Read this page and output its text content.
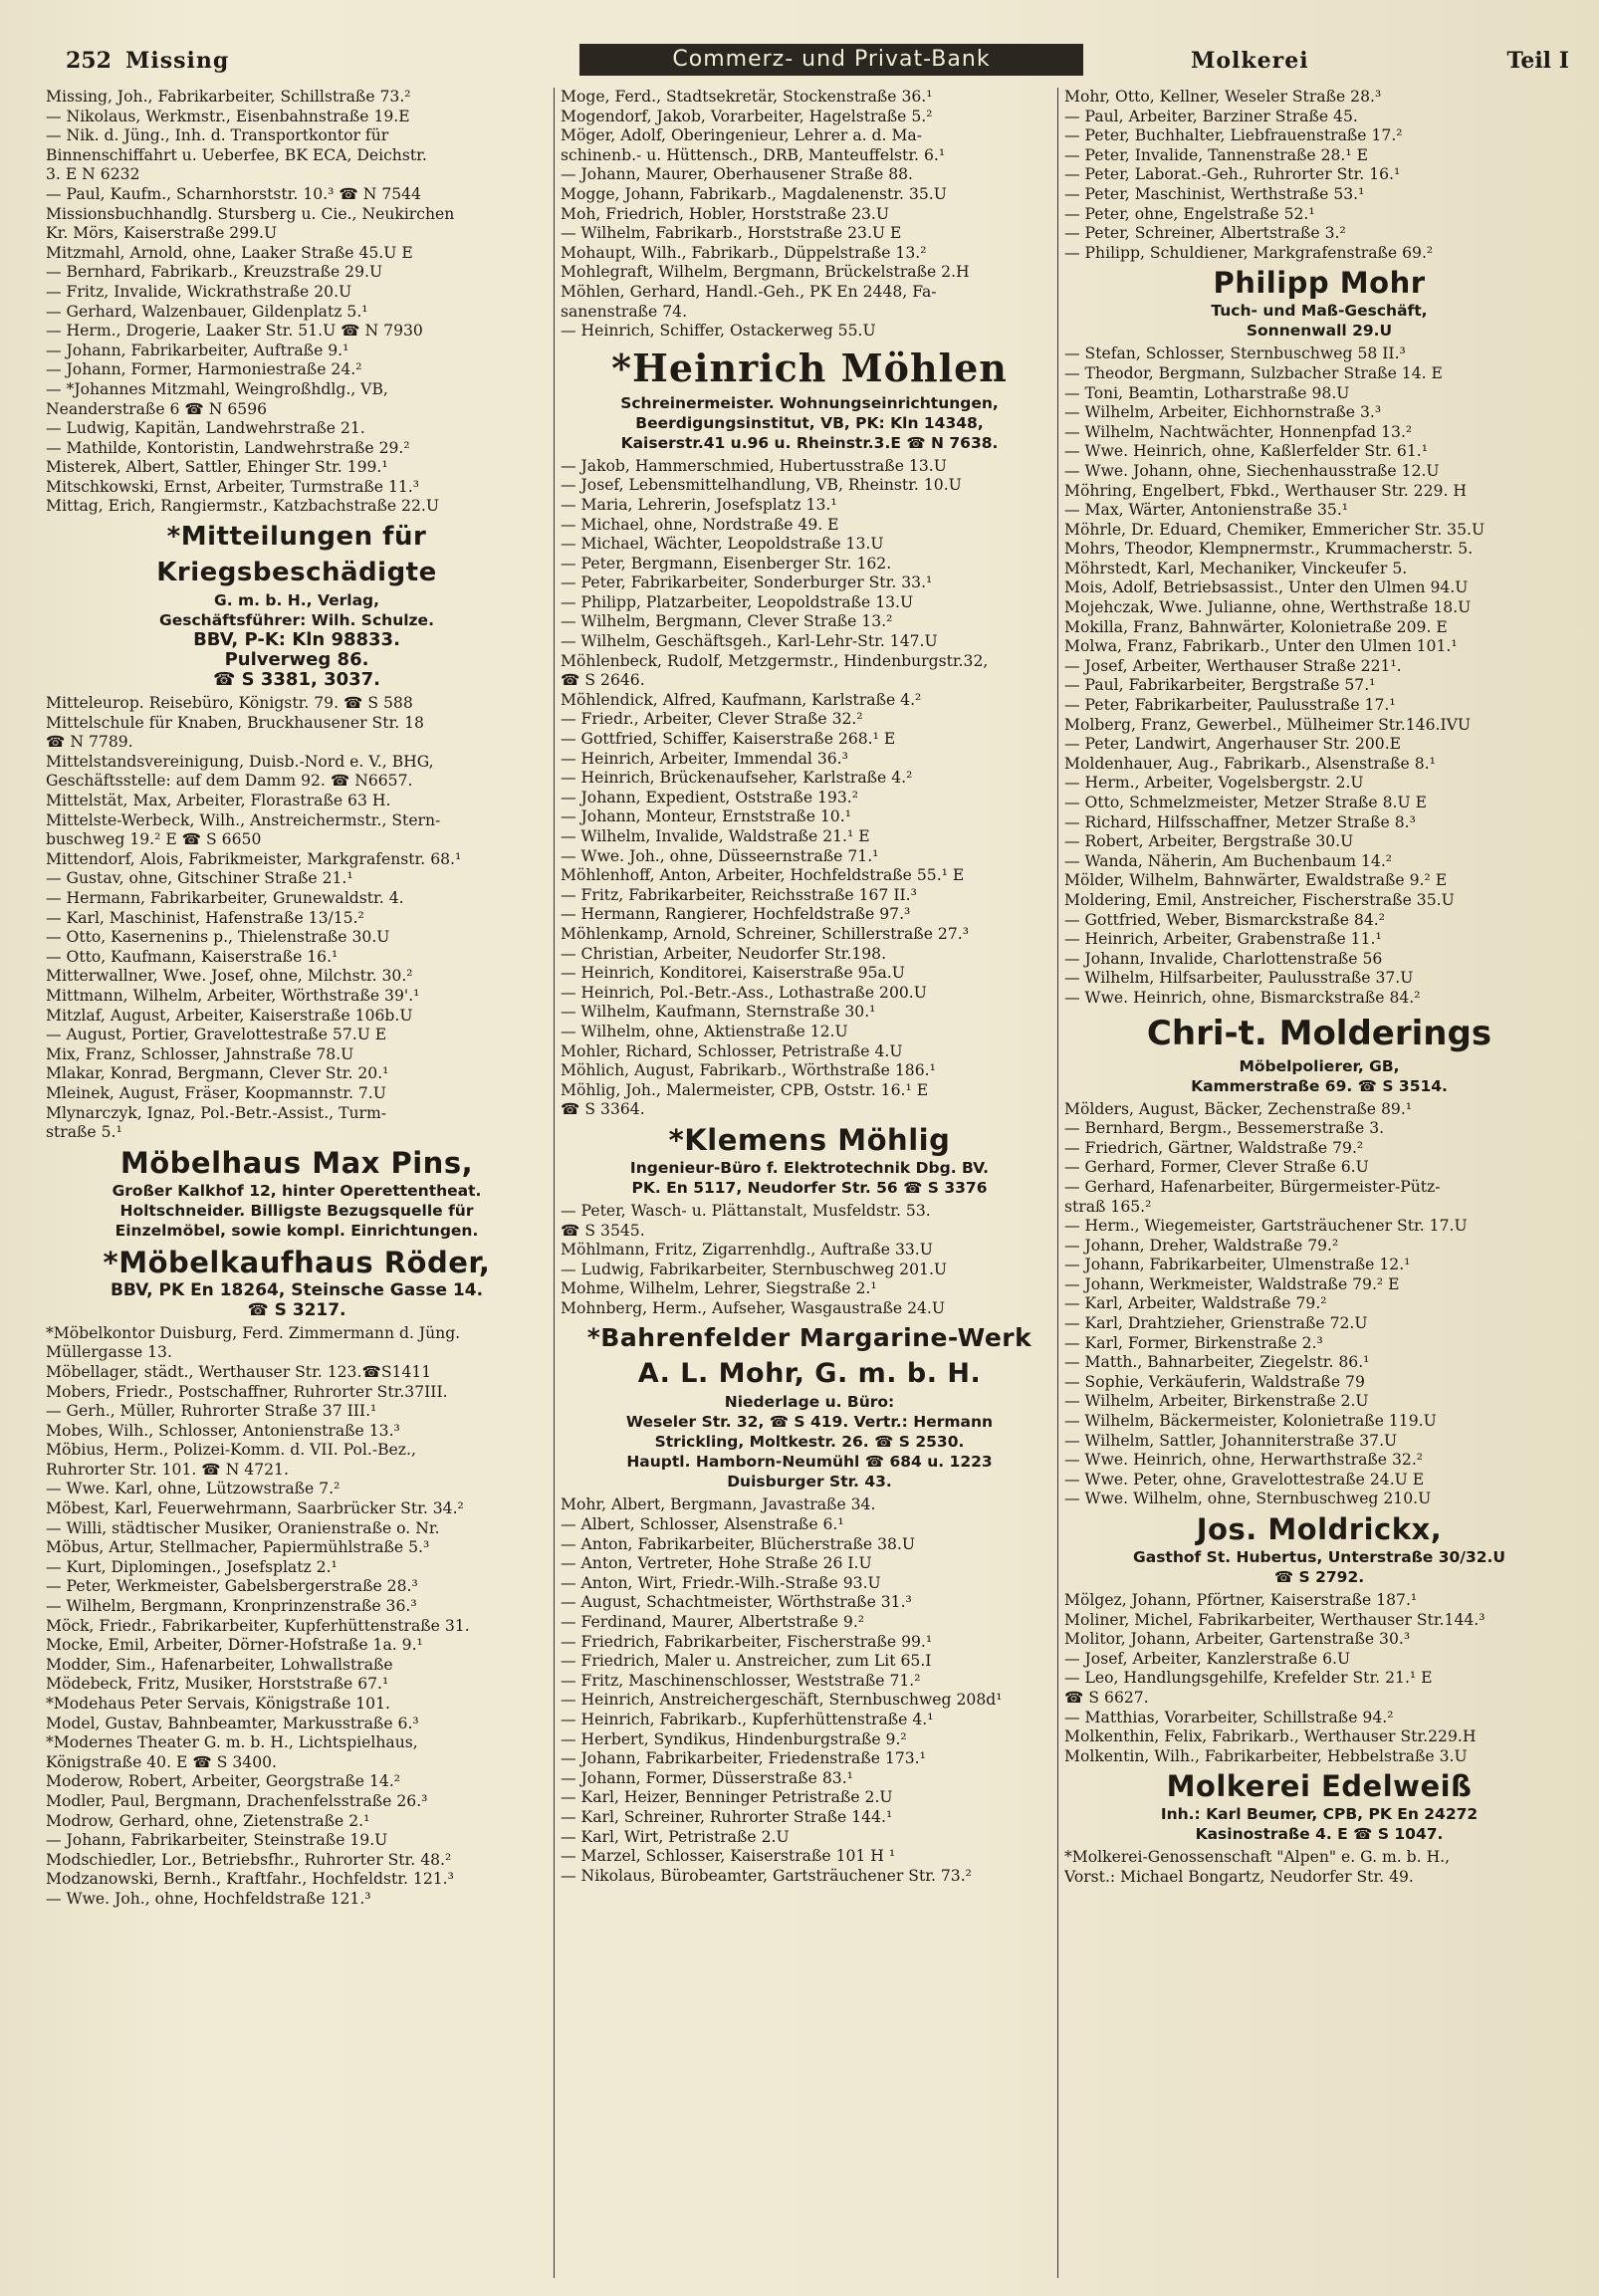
252 Missing	Commerz- und Privat-Bank	Molkerei	Teil I
Missing, Joh., Fabrikarbeiter, Schillstraße 73.²
— Nikolaus, Werkmstr., Eisenbahnstraße 19.E
— Nik. d. Jüng., Inh. d. Transportkontor für
Binnenschiffahrt u. Ueberfee, BK ECA, Deichstr.
3. E N 6232
— Paul, Kaufm., Scharnhorststr. 10.³ ☎ N 7544
Missionsbuchhandlg. Stursberg u. Cie., Neukirchen
Kr. Mörs, Kaiserstraße 299.U
Mitzmahl, Arnold, ohne, Laaker Straße 45.U E
— Bernhard, Fabrikarb., Kreuzstraße 29.U
— Fritz, Invalide, Wickrathstraße 20.U
— Gerhard, Walzenbauer, Gildenplatz 5.¹
— Herm., Drogerie, Laaker Str. 51.U ☎ N 7930
— Johann, Fabrikarbeiter, Auftraße 9.¹
— Johann, Former, Harmoniestraße 24.²
— *Johannes Mitzmahl, Weingroßhdlg., VB,
Neanderstraße 6 ☎ N 6596
— Ludwig, Kapitän, Landwehrstraße 21.
— Mathilde, Kontoristin, Landwehrstraße 29.²
Misterek, Albert, Sattler, Ehinger Str. 199.¹
Mitschkowski, Ernst, Arbeiter, Turmstraße 11.³
Mittag, Erich, Rangiermstr., Katzbachstraße 22.U
*Mitteilungen für Kriegsbeschädigte
G. m. b. H., Verlag,
Geschäftsführer: Wilh. Schulze.
BBV, P-K: Kln 98833.
Pulverweg 86.
☎ S 3381, 3037.
Mitteleurop. Reisebüro, Königstr. 79. ☎ S 588
Mittelschule für Knaben, Bruckhausener Str. 18
☎ N 7789.
Mittelstandsvereinigung, Duisb.-Nord e. V., BHG,
Geschäftsstelle: auf dem Damm 92. ☎ N6657.
Mittelstät, Max, Arbeiter, Florastraße 63 H.
Mittelste-Werbeck, Wilh., Anstreichermstr., Stern-
buschweg 19.² E ☎ S 6650
Mittendorf, Alois, Fabrikmeister, Markgrafenstr. 68.¹
— Gustav, ohne, Gitschiner Straße 21.¹
— Hermann, Fabrikarbeiter, Grunewaldstr. 4.
— Karl, Maschinist, Hafenstraße 13/15.²
— Otto, Kasernenins p., Thielenstraße 30.U
— Otto, Kaufmann, Kaiserstraße 16.¹
Mitterwallner, Wwe. Josef, ohne, Milchstr. 30.²
Mittmann, Wilhelm, Arbeiter, Wörthstraße 39'.¹
Mitzlaf, August, Arbeiter, Kaiserstraße 106b.U
— August, Portier, Gravelottestraße 57.U E
Mix, Franz, Schlosser, Jahnstraße 78.U
Mlakar, Konrad, Bergmann, Clever Str. 20.¹
Mleinek, August, Fräser, Koopmannstr. 7.U
Mlynarczyk, Ignaz, Pol.-Betr.-Assist., Turm-
straße 5.¹
Möbelhaus Max Pins,
Großer Kalkhof 12, hinter Operettentheat.
Holtschneider. Billigste Bezugsquelle für
Einzelmöbel, sowie kompl. Einrichtungen.
*Möbelkaufhaus Röder,
BBV, PK En 18264, Steinsche Gasse 14.
☎ S 3217.
*Möbelkontor Duisburg, Ferd. Zimmermann d. Jüng.
Müllergasse 13.
Möbellager, städt., Werthauser Str. 123.☎S1411
Mobers, Friedr., Postschaffner, Ruhrorter Str.37III.
— Gerh., Müller, Ruhrorter Straße 37 III.¹
Mobes, Wilh., Schlosser, Antonienstraße 13.³
Möbius, Herm., Polizei-Komm. d. VII. Pol.-Bez.,
Ruhrorter Str. 101. ☎ N 4721.
— Wwe. Karl, ohne, Lützowstraße 7.²
Möbest, Karl, Feuerwehrmann, Saarbrücker Str. 34.²
— Willi, städtischer Musiker, Oranienstraße o. Nr.
Möbus, Artur, Stellmacher, Papiermühlstraße 5.³
— Kurt, Diplomingen., Josefsplatz 2.¹
— Peter, Werkmeister, Gabelsbergerstraße 28.³
— Wilhelm, Bergmann, Kronprinzenstraße 36.³
Möck, Friedr., Fabrikarbeiter, Kupferhüttenstraße 31.
Mocke, Emil, Arbeiter, Dörner-Hofstraße 1a. 9.¹
Modder, Sim., Hafenarbeiter, Lohwallstraße
Mödebeck, Fritz, Musiker, Horststraße 67.¹
*Modehaus Peter Servais, Königstraße 101.
Model, Gustav, Bahnbeamter, Markusstraße 6.³
*Modernes Theater G. m. b. H., Lichtspielhaus,
Königstraße 40. E ☎ S 3400.
Moderow, Robert, Arbeiter, Georgstraße 14.²
Modler, Paul, Bergmann, Drachenfelsstraße 26.³
Modrow, Gerhard, ohne, Zietenstraße 2.¹
— Johann, Fabrikarbeiter, Steinstraße 19.U
Modschiedler, Lor., Betriebsfhr., Ruhrorter Str. 48.²
Modzanowski, Bernh., Kraftfahr., Hochfeldstr. 121.³
— Wwe. Joh., ohne, Hochfeldstraße 121.³
Moge, Ferd., Stadtsekretär, Stockenstraße 36.¹
Mogendorf, Jakob, Vorarbeiter, Hagelstraße 5.²
Möger, Adolf, Oberingenieur, Lehrer a. d. Ma-
schinenb.- u. Hüttensch., DRB, Manteuffelstr. 6.¹
— Johann, Maurer, Oberhausener Straße 88.
Mogge, Johann, Fabrikarb., Magdalenenstr. 35.U
Moh, Friedrich, Hobler, Horststraße 23.U
— Wilhelm, Fabrikarb., Horststraße 23.U E
Mohaupt, Wilh., Fabrikarb., Düppelstraße 13.²
Mohlegraft, Wilhelm, Bergmann, Brückelstraße 2.H
Möhlen, Gerhard, Handl.-Geh., PK En 2448, Fa-
sanenstraße 74.
— Heinrich, Schiffer, Ostackerweg 55.U
*Heinrich Möhlen
Schreinermeister. Wohnungseinrichtungen,
Beerdigungsinstitut, VB, PK: Kln 14348,
Kaiserstr.41 u.96 u. Rheinstr.3.E ☎ N 7638.
— Jakob, Hammerschmied, Hubertusstraße 13.U
— Josef, Lebensmittelhandlung, VB, Rheinstr. 10.U
— Maria, Lehrerin, Josefsplatz 13.¹
— Michael, ohne, Nordstraße 49. E
— Michael, Wächter, Leopoldstraße 13.U
— Peter, Bergmann, Eisenberger Str. 162.
— Peter, Fabrikarbeiter, Sonderburger Str. 33.¹
— Philipp, Platzarbeiter, Leopoldstraße 13.U
— Wilhelm, Bergmann, Clever Straße 13.²
— Wilhelm, Geschäftsgeh., Karl-Lehr-Str. 147.U
Möhlenbeck, Rudolf, Metzgermstr., Hindenburgstr.32,
☎ S 2646.
Möhlendick, Alfred, Kaufmann, Karlstraße 4.²
— Friedr., Arbeiter, Clever Straße 32.²
— Gottfried, Schiffer, Kaiserstraße 268.¹ E
— Heinrich, Arbeiter, Immendal 36.³
— Heinrich, Brückenaufseher, Karlstraße 4.²
— Johann, Expedient, Oststraße 193.²
— Johann, Monteur, Ernststraße 10.¹
— Wilhelm, Invalide, Waldstraße 21.¹ E
— Wwe. Joh., ohne, Düsseernstraße 71.¹
Möhlenhoff, Anton, Arbeiter, Hochfeldstraße 55.¹ E
— Fritz, Fabrikarbeiter, Reichsstraße 167 II.³
— Hermann, Rangierer, Hochfeldstraße 97.³
Möhlenkamp, Arnold, Schreiner, Schillerstraße 27.³
— Christian, Arbeiter, Neudorfer Str.198.
— Heinrich, Konditorei, Kaiserstraße 95a.U
— Heinrich, Pol.-Betr.-Ass., Lothastraße 200.U
— Wilhelm, Kaufmann, Sternstraße 30.¹
— Wilhelm, ohne, Aktienstraße 12.U
Mohler, Richard, Schlosser, Petristraße 4.U
Möhlich, August, Fabrikarb., Wörthstraße 186.¹
Möhlig, Joh., Malermeister, CPB, Oststr. 16.¹ E
☎ S 3364.
*Klemens Möhlig
Ingenieur-Büro f. Elektrotechnik Dbg. BV.
PK. En 5117, Neudorfer Str. 56 ☎ S 3376
— Peter, Wasch- u. Plättanstalt, Musfeldstr. 53.
☎ S 3545.
Möhlmann, Fritz, Zigarrenhdlg., Auftraße 33.U
— Ludwig, Fabrikarbeiter, Sternbuschweg 201.U
Mohme, Wilhelm, Lehrer, Siegstraße 2.¹
Mohnberg, Herm., Aufseher, Wasgaustraße 24.U
*Bahrenfelder Margarine-Werk
A. L. Mohr, G. m. b. H.
Niederlage u. Büro:
Weseler Str. 32, ☎ S 419. Vertr.: Hermann
Strickling, Moltkestr. 26. ☎ S 2530.
Hauptl. Hamborn-Neumühl ☎ 684 u. 1223
Duisburger Str. 43.
Mohr, Albert, Bergmann, Javastraße 34.
— Albert, Schlosser, Alsenstraße 6.¹
— Anton, Fabrikarbeiter, Blücherstraße 38.U
— Anton, Vertreter, Hohe Straße 26 I.U
— Anton, Wirt, Friedr.-Wilh.-Straße 93.U
— August, Schachtmeister, Wörthstraße 31.³
— Ferdinand, Maurer, Albertstraße 9.²
— Friedrich, Fabrikarbeiter, Fischerstraße 99.¹
— Friedrich, Maler u. Anstreicher, zum Lit 65.I
— Fritz, Maschinenschlosser, Weststraße 71.²
— Heinrich, Anstreichergeschäft, Sternbuschweg 208d¹
— Heinrich, Fabrikarb., Kupferhüttenstraße 4.¹
— Herbert, Syndikus, Hindenburgstraße 9.²
— Johann, Fabrikarbeiter, Friedenstraße 173.¹
— Johann, Former, Düsserstraße 83.¹
— Karl, Heizer, Benninger Petristraße 2.U
— Karl, Schreiner, Ruhrorter Straße 144.¹
— Karl, Wirt, Petristraße 2.U
— Marzel, Schlosser, Kaiserstraße 101 H ¹
— Nikolaus, Bürobeamter, Gartsträuchener Str. 73.²
Mohr, Otto, Kellner, Weseler Straße 28.³
— Paul, Arbeiter, Barziner Straße 45.
— Peter, Buchhalter, Liebfrauenstraße 17.²
— Peter, Invalide, Tannenstraße 28.¹ E
— Peter, Laborat.-Geh., Ruhrorter Str. 16.¹
— Peter, Maschinist, Werthstraße 53.¹
— Peter, ohne, Engelstraße 52.¹
— Peter, Schreiner, Albertstraße 3.²
— Philipp, Schuldiener, Markgrafenstraße 69.²
Philipp Mohr
Tuch- und Maß-Geschäft,
Sonnenwall 29.U
— Stefan, Schlosser, Sternbuschweg 58 II.³
— Theodor, Bergmann, Sulzbacher Straße 14. E
— Toni, Beamtin, Lotharstraße 98.U
— Wilhelm, Arbeiter, Eichhornstraße 3.³
— Wilhelm, Nachtwächter, Honnenpfad 13.²
— Wwe. Heinrich, ohne, Kaßlerfelder Str. 61.¹
— Wwe. Johann, ohne, Siechenhausstraße 12.U
Möhring, Engelbert, Fbkd., Werthauser Str. 229. H
— Max, Wärter, Antonienstraße 35.¹
Möhrle, Dr. Eduard, Chemiker, Emmericher Str. 35.U
Mohrs, Theodor, Klempnermstr., Krummacherstr. 5.
Möhrstedt, Karl, Mechaniker, Vinckeufer 5.
Mois, Adolf, Betriebsassist., Unter den Ulmen 94.U
Mojehczak, Wwe. Julianne, ohne, Werthstraße 18.U
Mokilla, Franz, Bahnwärter, Kolonietraße 209. E
Molwa, Franz, Fabrikarb., Unter den Ulmen 101.¹
— Josef, Arbeiter, Werthauser Straße 221¹.
— Paul, Fabrikarbeiter, Bergstraße 57.¹
— Peter, Fabrikarbeiter, Paulusstraße 17.¹
Molberg, Franz, Gewerbel., Mülheimer Str.146.IVU
— Peter, Landwirt, Angerhauser Str. 200.E
Moldenhauer, Aug., Fabrikarb., Alsenstraße 8.¹
— Herm., Arbeiter, Vogelsbergstr. 2.U
— Otto, Schmelzmeister, Metzer Straße 8.U E
— Richard, Hilfsschaffner, Metzer Straße 8.³
— Robert, Arbeiter, Bergstraße 30.U
— Wanda, Näherin, Am Buchenbaum 14.²
Mölder, Wilhelm, Bahnwärter, Ewaldstraße 9.² E
Moldering, Emil, Anstreicher, Fischerstraße 35.U
— Gottfried, Weber, Bismarckstraße 84.²
— Heinrich, Arbeiter, Grabenstraße 11.¹
— Johann, Invalide, Charlottenstraße 56
— Wilhelm, Hilfsarbeiter, Paulusstraße 37.U
— Wwe. Heinrich, ohne, Bismarckstraße 84.²
Chri-t. Molderings
Möbelpolierer, GB,
Kammerstraße 69. ☎ S 3514.
Mölders, August, Bäcker, Zechenstraße 89.¹
— Bernhard, Bergm., Bessemerstraße 3.
— Friedrich, Gärtner, Waldstraße 79.²
— Gerhard, Former, Clever Straße 6.U
— Gerhard, Hafenarbeiter, Bürgermeister-Pütz-
straß 165.²
— Herm., Wiegemeister, Gartsträuchener Str. 17.U
— Johann, Dreher, Waldstraße 79.²
— Johann, Fabrikarbeiter, Ulmenstraße 12.¹
— Johann, Werkmeister, Waldstraße 79.² E
— Karl, Arbeiter, Waldstraße 79.²
— Karl, Drahtzieher, Grienstraße 72.U
— Karl, Former, Birkenstraße 2.³
— Matth., Bahnarbeiter, Ziegelstr. 86.¹
— Sophie, Verkäuferin, Waldstraße 79
— Wilhelm, Arbeiter, Birkenstraße 2.U
— Wilhelm, Bäckermeister, Kolonietraße 119.U
— Wilhelm, Sattler, Johanniterstraße 37.U
— Wwe. Heinrich, ohne, Herwarthstraße 32.²
— Wwe. Peter, ohne, Gravelottestraße 24.U E
— Wwe. Wilhelm, ohne, Sternbuschweg 210.U
Jos. Moldrickx,
Gasthof St. Hubertus, Unterstraße 30/32.U
☎ S 2792.
Mölgez, Johann, Pförtner, Kaiserstraße 187.¹
Moliner, Michel, Fabrikarbeiter, Werthauser Str.144.³
Molitor, Johann, Arbeiter, Gartenstraße 30.³
— Josef, Arbeiter, Kanzlerstraße 6.U
— Leo, Handlungsgehilfe, Krefelder Str. 21.¹ E
☎ S 6627.
— Matthias, Vorarbeiter, Schillstraße 94.²
Molkenthin, Felix, Fabrikarb., Werthauser Str.229.H
Molkentin, Wilh., Fabrikarbeiter, Hebbelstraße 3.U
Molkerei Edelweiß
Inh.: Karl Beumer, CPB, PK En 24272
Kasinostraße 4. E ☎ S 1047.
*Molkerei-Genossenschaft "Alpen" e. G. m. b. H.,
Vorst.: Michael Bongartz, Neudorfer Str. 49.
